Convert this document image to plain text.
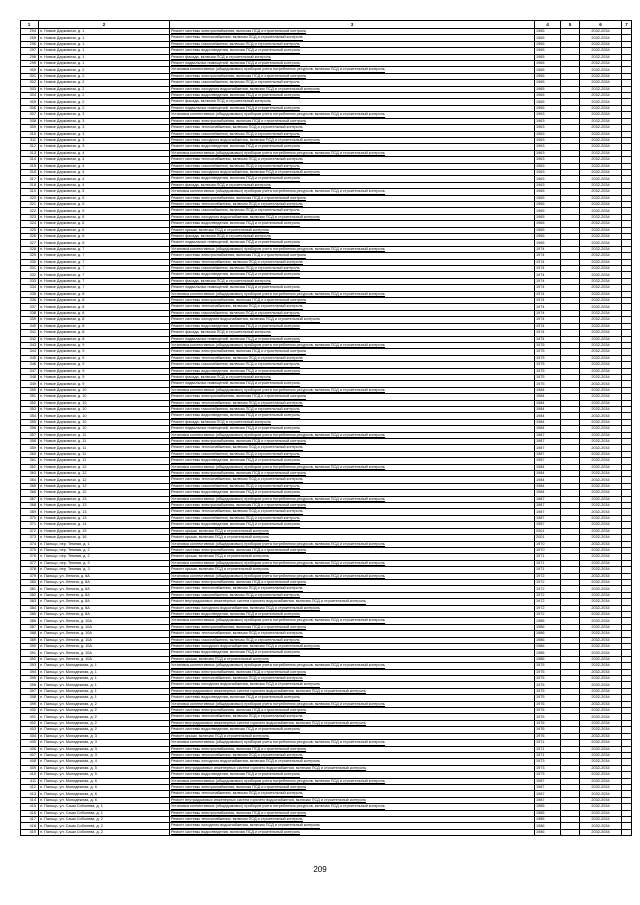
1	2	3	4	5	6	7
294	п. Новые Дарковичи, д. 1	Ремонт системы электроснабжения, включая ПСД и строительный контроль	1965		2032-2034	
295	п. Новые Дарковичи, д. 1	Ремонт системы теплоснабжения, включая ПСД и строительный контроль	1965		2032-2034	
296	п. Новые Дарковичи, д. 1	Ремонт системы газоснабжения, включая ПСД и строительный контроль	1965		2032-2034	
297	п. Новые Дарковичи, д. 1	Ремонт системы водоотведения, включая ПСД и строительный контроль	1965		2032-2034	
298	п. Новые Дарковичи, д. 1	Ремонт фасада, включая ПСД и строительный контроль	1965		2032-2034	
299	п. Новые Дарковичи, д. 1	Ремонт подвальных помещений, включая ПСД и строительный контроль	1965		2032-2034	
300	п. Новые Дарковичи, д. 2	Установка коллективных (общедомовых) приборов учета потребления ресурсов, включая ПСД и строительный контроль	1965		2032-2034	
301	п. Новые Дарковичи, д. 2	Ремонт системы электроснабжения, включая ПСД и строительный контроль	1965		2032-2034	
302	п. Новые Дарковичи, д. 2	Ремонт системы газоснабжения, включая ПСД и строительный контроль	1965		2032-2034	
303	п. Новые Дарковичи, д. 2	Ремонт системы холодного водоснабжения, включая ПСД и строительный контроль	1965		2032-2034	
304	п. Новые Дарковичи, д. 2	Ремонт системы водоотведения, включая ПСД и строительный контроль	1965		2032-2034	
305	п. Новые Дарковичи, д. 2	Ремонт фасада, включая ПСД и строительный контроль	1965		2032-2034	
306	п. Новые Дарковичи, д. 2	Ремонт подвальных помещений, включая ПСД и строительный контроль	1965		2032-2034	
307	п. Новые Дарковичи, д. 3	Установка коллективных (общедомовых) приборов учета потребления ресурсов, включая ПСД и строительный контроль	1963		2032-2034	
308	п. Новые Дарковичи, д. 3	Ремонт системы электроснабжения, включая ПСД и строительный контроль	1963		2032-2034	
309	п. Новые Дарковичи, д. 3	Ремонт системы теплоснабжения, включая ПСД и строительный контроль	1963		2032-2034	
310	п. Новые Дарковичи, д. 3	Ремонт системы газоснабжения, включая ПСД и строительный контроль	1963		2032-2034	
311	п. Новые Дарковичи, д. 3	Ремонт системы холодного водоснабжения, включая ПСД и строительный контроль	1963		2032-2034	
312	п. Новые Дарковичи, д. 3	Ремонт системы водоотведения, включая ПСД и строительный контроль	1963		2032-2034	
313	п. Новые Дарковичи, д. 4	Установка коллективных (общедомовых) приборов учета потребления ресурсов, включая ПСД и строительный контроль	1963		2032-2034	
314	п. Новые Дарковичи, д. 4	Ремонт системы теплоснабжения, включая ПСД и строительный контроль	1963		2032-2034	
315	п. Новые Дарковичи, д. 4	Ремонт системы газоснабжения, включая ПСД и строительный контроль	1963		2032-2034	
316	п. Новые Дарковичи, д. 4	Ремонт системы холодного водоснабжения, включая ПСД и строительный контроль	1963		2032-2034	
317	п. Новые Дарковичи, д. 4	Ремонт системы водоотведения, включая ПСД и строительный контроль	1963		2032-2034	
318	п. Новые Дарковичи, д. 4	Ремонт фасада, включая ПСД и строительный контроль	1963		2032-2034	
319	п. Новые Дарковичи, д. 5	Установка коллективных (общедомовых) приборов учета потребления ресурсов, включая ПСД и строительный контроль	1965		2032-2034	
320	п. Новые Дарковичи, д. 5	Ремонт системы электроснабжения, включая ПСД и строительный контроль	1965		2032-2034	
321	п. Новые Дарковичи, д. 5	Ремонт системы теплоснабжения, включая ПСД и строительный контроль	1965		2032-2034	
322	п. Новые Дарковичи, д. 5	Ремонт системы газоснабжения, включая ПСД и строительный контроль	1965		2032-2034	
323	п. Новые Дарковичи, д. 6	Ремонт системы холодного водоснабжения, включая ПСД и строительный контроль	1965		2032-2034	
324	п. Новые Дарковичи, д. 6	Ремонт системы водоотведения, включая ПСД и строительный контроль	1965		2032-2034	
325	п. Новые Дарковичи, д. 6	Ремонт крыши, включая ПСД и строительный контроль	1965		2032-2034	
326	п. Новые Дарковичи, д. 6	Ремонт фасада, включая ПСД и строительный контроль	1965		2032-2034	
327	п. Новые Дарковичи, д. 6	Ремонт подвальных помещений, включая ПСД и строительный контроль	1965		2032-2034	
328	п. Новые Дарковичи, д. 7	Установка коллективных (общедомовых) приборов учета потребления ресурсов, включая ПСД и строительный контроль	1974		2032-2034	
329	п. Новые Дарковичи, д. 7	Ремонт системы электроснабжения, включая ПСД и строительный контроль	1974		2032-2034	
330	п. Новые Дарковичи, д. 7	Ремонт системы теплоснабжения, включая ПСД и строительный контроль	1974		2032-2034	
331	п. Новые Дарковичи, д. 7	Ремонт системы газоснабжения, включая ПСД и строительный контроль	1974		2032-2034	
332	п. Новые Дарковичи, д. 7	Ремонт системы водоотведения, включая ПСД и строительный контроль	1974		2032-2034	
333	п. Новые Дарковичи, д. 7	Ремонт фасада, включая ПСД и строительный контроль	1974		2032-2034	
334	п. Новые Дарковичи, д. 7	Ремонт подвальных помещений, включая ПСД и строительный контроль	1974		2032-2034	
335	п. Новые Дарковичи, д. 8	Установка коллективных (общедомовых) приборов учета потребления ресурсов, включая ПСД и строительный контроль	1974		2032-2034	
336	п. Новые Дарковичи, д. 8	Ремонт системы электроснабжения, включая ПСД и строительный контроль	1974		2032-2034	
337	п. Новые Дарковичи, д. 8	Ремонт системы теплоснабжения, включая ПСД и строительный контроль	1974		2032-2034	
338	п. Новые Дарковичи, д. 8	Ремонт системы газоснабжения, включая ПСД и строительный контроль	1974		2032-2034	
339	п. Новые Дарковичи, д. 8	Ремонт системы холодного водоснабжения, включая ПСД и строительный контроль	1974		2032-2034	
340	п. Новые Дарковичи, д. 8	Ремонт системы водоотведения, включая ПСД и строительный контроль	1974		2032-2034	
341	п. Новые Дарковичи, д. 8	Ремонт фасада, включая ПСД и строительный контроль	1974		2032-2034	
342	п. Новые Дарковичи, д. 8	Ремонт подвальных помещений, включая ПСД и строительный контроль	1974		2032-2034	
343	п. Новые Дарковичи, д. 9	Установка коллективных (общедомовых) приборов учета потребления ресурсов, включая ПСД и строительный контроль	1975		2032-2034	
344	п. Новые Дарковичи, д. 9	Ремонт системы электроснабжения, включая ПСД и строительный контроль	1975		2032-2034	
345	п. Новые Дарковичи, д. 9	Ремонт системы теплоснабжения, включая ПСД и строительный контроль	1975		2032-2034	
346	п. Новые Дарковичи, д. 9	Ремонт системы газоснабжения, включая ПСД и строительный контроль	1975		2032-2034	
347	п. Новые Дарковичи, д. 9	Ремонт системы водоотведения, включая ПСД и строительный контроль	1975		2032-2034	
348	п. Новые Дарковичи, д. 9	Ремонт фасада, включая ПСД и строительный контроль	1975		2032-2034	
349	п. Новые Дарковичи, д. 9	Ремонт подвальных помещений, включая ПСД и строительный контроль	1975		2032-2034	
350	п. Новые Дарковичи, д. 10	Установка коллективных (общедомовых) приборов учета потребления ресурсов, включая ПСД и строительный контроль	1984		2032-2034	
351	п. Новые Дарковичи, д. 10	Ремонт системы электроснабжения, включая ПСД и строительный контроль	1984		2032-2034	
352	п. Новые Дарковичи, д. 10	Ремонт системы теплоснабжения, включая ПСД и строительный контроль	1984		2032-2034	
353	п. Новые Дарковичи, д. 10	Ремонт системы газоснабжения, включая ПСД и строительный контроль	1984		2032-2034	
354	п. Новые Дарковичи, д. 10	Ремонт системы водоотведения, включая ПСД и строительный контроль	1984		2032-2034	
355	п. Новые Дарковичи, д. 10	Ремонт фасада, включая ПСД и строительный контроль	1984		2032-2034	
356	п. Новые Дарковичи, д. 10	Ремонт подвальных помещений, включая ПСД и строительный контроль	1984		2032-2034	
357	п. Новые Дарковичи, д. 11	Установка коллективных (общедомовых) приборов учета потребления ресурсов, включая ПСД и строительный контроль	1987		2032-2034	
358	п. Новые Дарковичи, д. 11	Ремонт системы электроснабжения, включая ПСД и строительный контроль	1987		2032-2034	
359	п. Новые Дарковичи, д. 11	Ремонт системы теплоснабжения, включая ПСД и строительный контроль	1987		2032-2034	
360	п. Новые Дарковичи, д. 11	Ремонт системы газоснабжения, включая ПСД и строительный контроль	1987		2032-2034	
361	п. Новые Дарковичи, д. 11	Ремонт системы водоотведения, включая ПСД и строительный контроль	1987		2032-2034	
362	п. Новые Дарковичи, д. 12	Установка коллективных (общедомовых) приборов учета потребления ресурсов, включая ПСД и строительный контроль	1984		2032-2034	
363	п. Новые Дарковичи, д. 12	Ремонт системы электроснабжения, включая ПСД и строительный контроль	1984		2032-2034	
364	п. Новые Дарковичи, д. 12	Ремонт системы теплоснабжения, включая ПСД и строительный контроль	1984		2032-2034	
365	п. Новые Дарковичи, д. 12	Ремонт системы газоснабжения, включая ПСД и строительный контроль	1984		2032-2034	
366	п. Новые Дарковичи, д. 12	Ремонт системы водоотведения, включая ПСД и строительный контроль	1984		2032-2034	
367	п. Новые Дарковичи, д. 13	Установка коллективных (общедомовых) приборов учета потребления ресурсов, включая ПСД и строительный контроль	1987		2032-2034	
368	п. Новые Дарковичи, д. 13	Ремонт системы электроснабжения, включая ПСД и строительный контроль	1987		2032-2034	
369	п. Новые Дарковичи, д. 13	Ремонт системы теплоснабжения, включая ПСД и строительный контроль	1987		2032-2034	
370	п. Новые Дарковичи, д. 13	Ремонт системы газоснабжения, включая ПСД и строительный контроль	1987		2032-2034	
371	п. Новые Дарковичи, д. 14	Ремонт системы водоотведения, включая ПСД и строительный контроль	1987		2032-2034	
372	п. Новые Дарковичи, д. 15	Ремонт крыши, включая ПСД и строительный контроль	2001		2032-2034	
373	п. Новые Дарковичи, д. 16	Ремонт крыши, включая ПСД и строительный контроль	2001		2032-2034	
374	п. Пальцо, пер. Темная, д. 1	Установка коллективных (общедомовых) приборов учета потребления ресурсов, включая ПСД и строительный контроль	1970		2032-2034	
375	п. Пальцо, пер. Темная, д. 2	Ремонт системы электроснабжения, включая ПСД и строительный контроль	1970		2032-2034	
376	п. Пальцо, пер. Темная, д. 2	Ремонт крыши, включая ПСД и строительный контроль	1971		2032-2034	
377	п. Пальцо, пер. Темная, д. 3	Установка коллективных (общедомовых) приборов учета потребления ресурсов, включая ПСД и строительный контроль	1971		2032-2034	
378	п. Пальцо, пер. Темная, д. 3	Ремонт крыши, включая ПСД и строительный контроль	1971		2032-2034	
379	п. Пальцо, ул. Ленина, д. 8А	Установка коллективных (общедомовых) приборов учета потребления ресурсов, включая ПСД и строительный контроль	1972		2032-2034	
380	п. Пальцо, ул. Ленина, д. 8А	Ремонт системы электроснабжения, включая ПСД и строительный контроль	1972		2032-2034	
381	п. Пальцо, ул. Ленина, д. 8А	Ремонт системы теплоснабжения, включая ПСД и строительный контроль	1972		2032-2034	
382	п. Пальцо, ул. Ленина, д. 8А	Ремонт системы газоснабжения, включая ПСД и строительный контроль	1972		2032-2034	
383	п. Пальцо, ул. Ленина, д. 8А	Ремонт внутридомовых инженерных систем горячего водоснабжения, включая ПСД и строительный контроль	1972		2032-2034	
384	п. Пальцо, ул. Ленина, д. 8А	Ремонт системы холодного водоснабжения, включая ПСД и строительный контроль	1972		2032-2034	
385	п. Пальцо, ул. Ленина, д. 8А	Ремонт системы водоотведения, включая ПСД и строительный контроль	1972		2032-2034	
386	п. Пальцо, ул. Ленина, д. 10А	Установка коллективных (общедомовых) приборов учета потребления ресурсов, включая ПСД и строительный контроль	1986		2032-2034	
387	п. Пальцо, ул. Ленина, д. 10А	Ремонт системы электроснабжения, включая ПСД и строительный контроль	1986		2032-2034	
388	п. Пальцо, ул. Ленина, д. 10А	Ремонт системы теплоснабжения, включая ПСД и строительный контроль	1986		2032-2034	
389	п. Пальцо, ул. Ленина, д. 10А	Ремонт системы газоснабжения, включая ПСД и строительный контроль	1986		2032-2034	
390	п. Пальцо, ул. Ленина, д. 10А	Ремонт системы холодного водоснабжения, включая ПСД и строительный контроль	1986		2032-2034	
391	п. Пальцо, ул. Ленина, д. 10А	Ремонт системы водоотведения, включая ПСД и строительный контроль	1986		2032-2034	
392	п. Пальцо, ул. Ленина, д. 10А	Ремонт крыши, включая ПСД и строительный контроль	1986		2032-2034	
393	п. Пальцо, ул. Молодежная, д. 1	Установка коллективных (общедомовых) приборов учета потребления ресурсов, включая ПСД и строительный контроль	1975		2032-2034	
394	п. Пальцо, ул. Молодежная, д. 1	Ремонт системы электроснабжения, включая ПСД и строительный контроль	1975		2032-2034	
395	п. Пальцо, ул. Молодежная, д. 1	Ремонт системы теплоснабжения, включая ПСД и строительный контроль	1975		2032-2034	
396	п. Пальцо, ул. Молодежная, д. 1	Ремонт системы холодного водоснабжения, включая ПСД и строительный контроль	1975		2032-2034	
397	п. Пальцо, ул. Молодежная, д. 1	Ремонт внутридомовых инженерных систем горячего водоснабжения, включая ПСД и строительный контроль	1975		2032-2034	
398	п. Пальцо, ул. Молодежная, д. 1	Ремонт системы водоотведения, включая ПСД и строительный контроль	1975		2032-2034	
399	п. Пальцо, ул. Молодежная, д. 2	Установка коллективных (общедомовых) приборов учета потребления ресурсов, включая ПСД и строительный контроль	1976		2032-2034	
400	п. Пальцо, ул. Молодежная, д. 2	Ремонт системы электроснабжения, включая ПСД и строительный контроль	1976		2032-2034	
401	п. Пальцо, ул. Молодежная, д. 2	Ремонт системы теплоснабжения, включая ПСД и строительный контроль	1976		2032-2034	
402	п. Пальцо, ул. Молодежная, д. 2	Ремонт внутридомовых инженерных систем горячего водоснабжения, включая ПСД и строительный контроль	1976		2032-2034	
403	п. Пальцо, ул. Молодежная, д. 2	Ремонт системы водоотведения, включая ПСД и строительный контроль	1976		2032-2034	
404	п. Пальцо, ул. Молодежная, д. 3	Ремонт крыши, включая ПСД и строительный контроль	1976		2032-2034	
405	п. Пальцо, ул. Молодежная, д. 3	Установка коллективных (общедомовых) приборов учета потребления ресурсов, включая ПСД и строительный контроль	1971		2032-2034	
406	п. Пальцо, ул. Молодежная, д. 3	Ремонт системы электроснабжения, включая ПСД и строительный контроль	1971		2032-2034	
407	п. Пальцо, ул. Молодежная, д. 3	Ремонт системы теплоснабжения, включая ПСД и строительный контроль	1971		2032-2034	
408	п. Пальцо, ул. Молодежная, д. 4	Ремонт системы холодного водоснабжения, включая ПСД и строительный контроль	1973		2032-2034	
409	п. Пальцо, ул. Молодежная, д. 5	Ремонт внутридомовых инженерных систем горячего водоснабжения, включая ПСД и строительный контроль	1973		2032-2034	
410	п. Пальцо, ул. Молодежная, д. 5	Ремонт системы водоотведения, включая ПСД и строительный контроль	1973		2032-2034	
411	п. Пальцо, ул. Молодежная, д. 6	Установка коллективных (общедомовых) приборов учета потребления ресурсов, включая ПСД и строительный контроль	1987		2032-2034	
412	п. Пальцо, ул. Молодежная, д. 6	Ремонт системы электроснабжения, включая ПСД и строительный контроль	1987		2032-2034	
413	п. Пальцо, ул. Молодежная, д. 6	Ремонт системы теплоснабжения, включая ПСД и строительный контроль	1987		2032-2034	
414	п. Пальцо, ул. Молодежная, д. 6	Ремонт внутридомовых инженерных систем горячего водоснабжения, включая ПСД и строительный контроль	1987		2032-2034	
415	п. Пальцо, ул. Саши Соболева, д. 1	Установка коллективных (общедомовых) приборов учета потребления ресурсов, включая ПСД и строительный контроль	1985		2032-2034	
416	п. Пальцо, ул. Саши Соболева, д. 1	Ремонт системы электроснабжения, включая ПСД и строительный контроль	1985		2032-2034	
417	п. Пальцо, ул. Саши Соболева, д. 2	Ремонт системы теплоснабжения, включая ПСД и строительный контроль	1985		2032-2034	
418	п. Пальцо, ул. Саши Соболева, д. 2	Ремонт системы холодного водоснабжения, включая ПСД и строительный контроль	1986		2032-2034	
419	п. Пальцо, ул. Саши Соболева, д. 2	Ремонт системы водоотведения, включая ПСД и строительный контроль	1986		2032-2034	
209
